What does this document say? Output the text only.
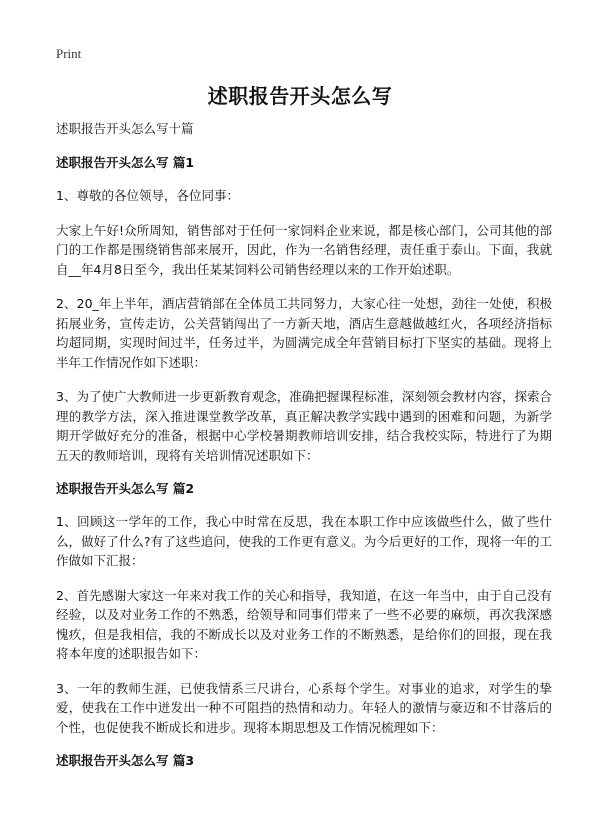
Print
述职报告开头怎么写

述职报告开头怎么写十篇

述职报告开头怎么写 篇1

1、尊敬的各位领导，各位同事：

大家上午好!众所周知，销售部对于任何一家饲料企业来说，都是核心部门，公司其他的部门的工作都是围绕销售部来展开，因此，作为一名销售经理，责任重于泰山。下面，我就自__年4月8日至今，我出任某某饲料公司销售经理以来的工作开始述职。

2、20_年上半年，酒店营销部在全体员工共同努力，大家心往一处想，劲往一处使，积极拓展业务，宣传走访，公关营销闯出了一方新天地，酒店生意越做越红火，各项经济指标均超同期，实现时间过半，任务过半，为圆满完成全年营销目标打下坚实的基础。现将上半年工作情况作如下述职：

3、为了使广大教师进一步更新教育观念，准确把握课程标准，深刻领会教材内容，探索合理的教学方法，深入推进课堂教学改革，真正解决教学实践中遇到的困难和问题，为新学期开学做好充分的准备，根据中心学校暑期教师培训安排，结合我校实际，特进行了为期五天的教师培训，现将有关培训情况述职如下：

述职报告开头怎么写 篇2

1、回顾这一学年的工作，我心中时常在反思，我在本职工作中应该做些什么，做了些什么，做好了什么?有了这些追问，使我的工作更有意义。为今后更好的工作，现将一年的工作做如下汇报：

2、首先感谢大家这一年来对我工作的关心和指导，我知道，在这一年当中，由于自己没有经验，以及对业务工作的不熟悉，给领导和同事们带来了一些不必要的麻烦，再次我深感愧疚，但是我相信，我的不断成长以及对业务工作的不断熟悉，是给你们的回报，现在我将本年度的述职报告如下：

3、一年的教师生涯，已使我情系三尺讲台，心系每个学生。对事业的追求，对学生的挚爱，使我在工作中迸发出一种不可阻挡的热情和动力。年轻人的激情与豪迈和不甘落后的个性，也促使我不断成长和进步。现将本期思想及工作情况梳理如下：

述职报告开头怎么写 篇3
